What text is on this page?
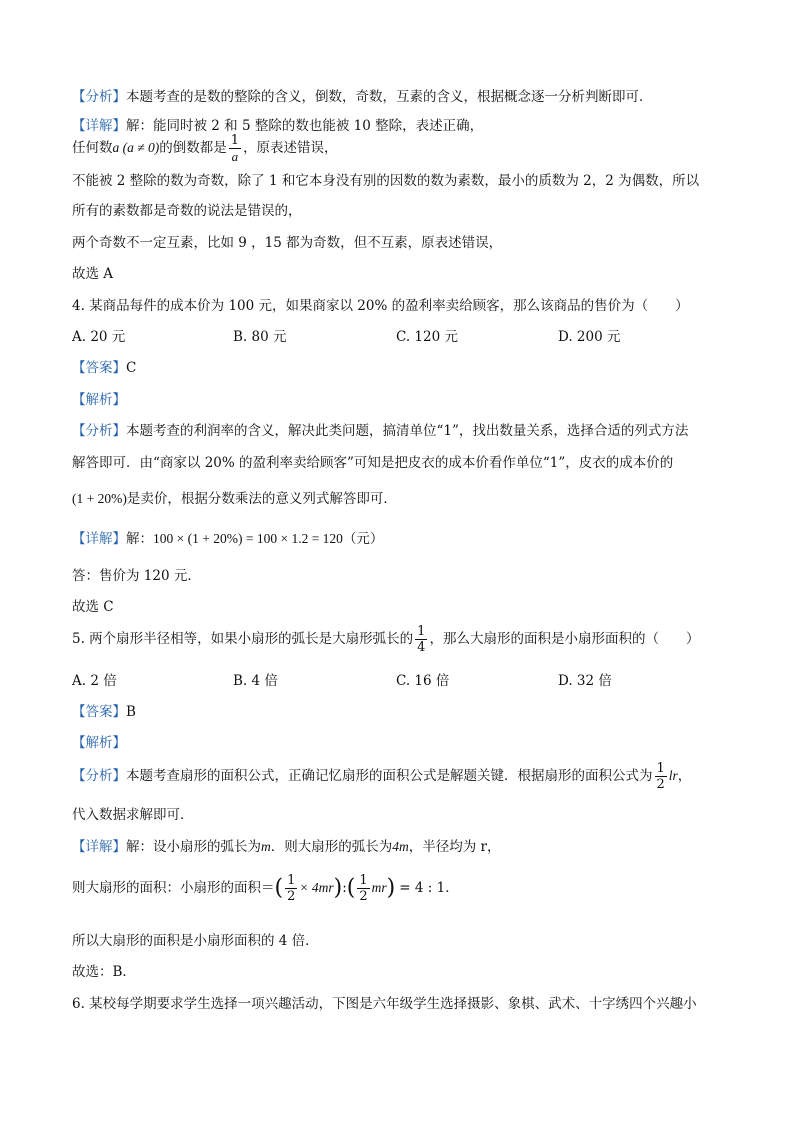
【分析】本题考查的是数的整除的含义，倒数，奇数，互素的含义，根据概念逐一分析判断即可．
【详解】解：能同时被 2 和 5 整除的数也能被 10 整除，表述正确，
任何数a (a ≠ 0)的倒数都是 $\frac{1}{a}$ ，原表述错误，
不能被 2 整除的数为奇数，除了 1 和它本身没有别的因数的数为素数，最小的质数为 2，2 为偶数，所以
所有的素数都是奇数的说法是错误的，
两个奇数不一定互素，比如 9 ，15 都为奇数，但不互素，原表述错误，
故选 A
4. 某商品每件的成本价为 100 元，如果商家以 20% 的盈利率卖给顾客，那么该商品的售价为（　　）
A. 20 元	B. 80 元	C. 120 元	D. 200 元
【答案】C
【解析】
【分析】本题考查的利润率的含义，解决此类问题，搞清单位“1”，找出数量关系，选择合适的列式方法
解答即可．由“商家以 20% 的盈利率卖给顾客”可知是把皮衣的成本价看作单位“1”，皮衣的成本价的
(1 + 20%)是卖价，根据分数乘法的意义列式解答即可．
【详解】解：100 × (1 + 20%) = 100 × 1.2 = 120（元）
答：售价为 120 元．
故选 C
5. 两个扇形半径相等，如果小扇形的弧长是大扇形弧长的 $\frac{1}{4}$ ，那么大扇形的面积是小扇形面积的（　　）
A. 2 倍	B. 4 倍	C. 16 倍	D. 32 倍
【答案】B
【解析】
【分析】本题考查扇形的面积公式，正确记忆扇形的面积公式是解题关键．根据扇形的面积公式为 $\frac{1}{2}$ lr，
代入数据求解即可．
【详解】解：设小扇形的弧长为m．则大扇形的弧长为4m，半径均为 r，
则大扇形的面积：小扇形的面积＝( $\frac{1}{2}$ × 4mr):( $\frac{1}{2} mr) = 4$ : 1．
所以大扇形的面积是小扇形面积的 4 倍．
故选：B．
6. 某校每学期要求学生选择一项兴趣活动，下图是六年级学生选择摄影、象棋、武术、十字绣四个兴趣小
